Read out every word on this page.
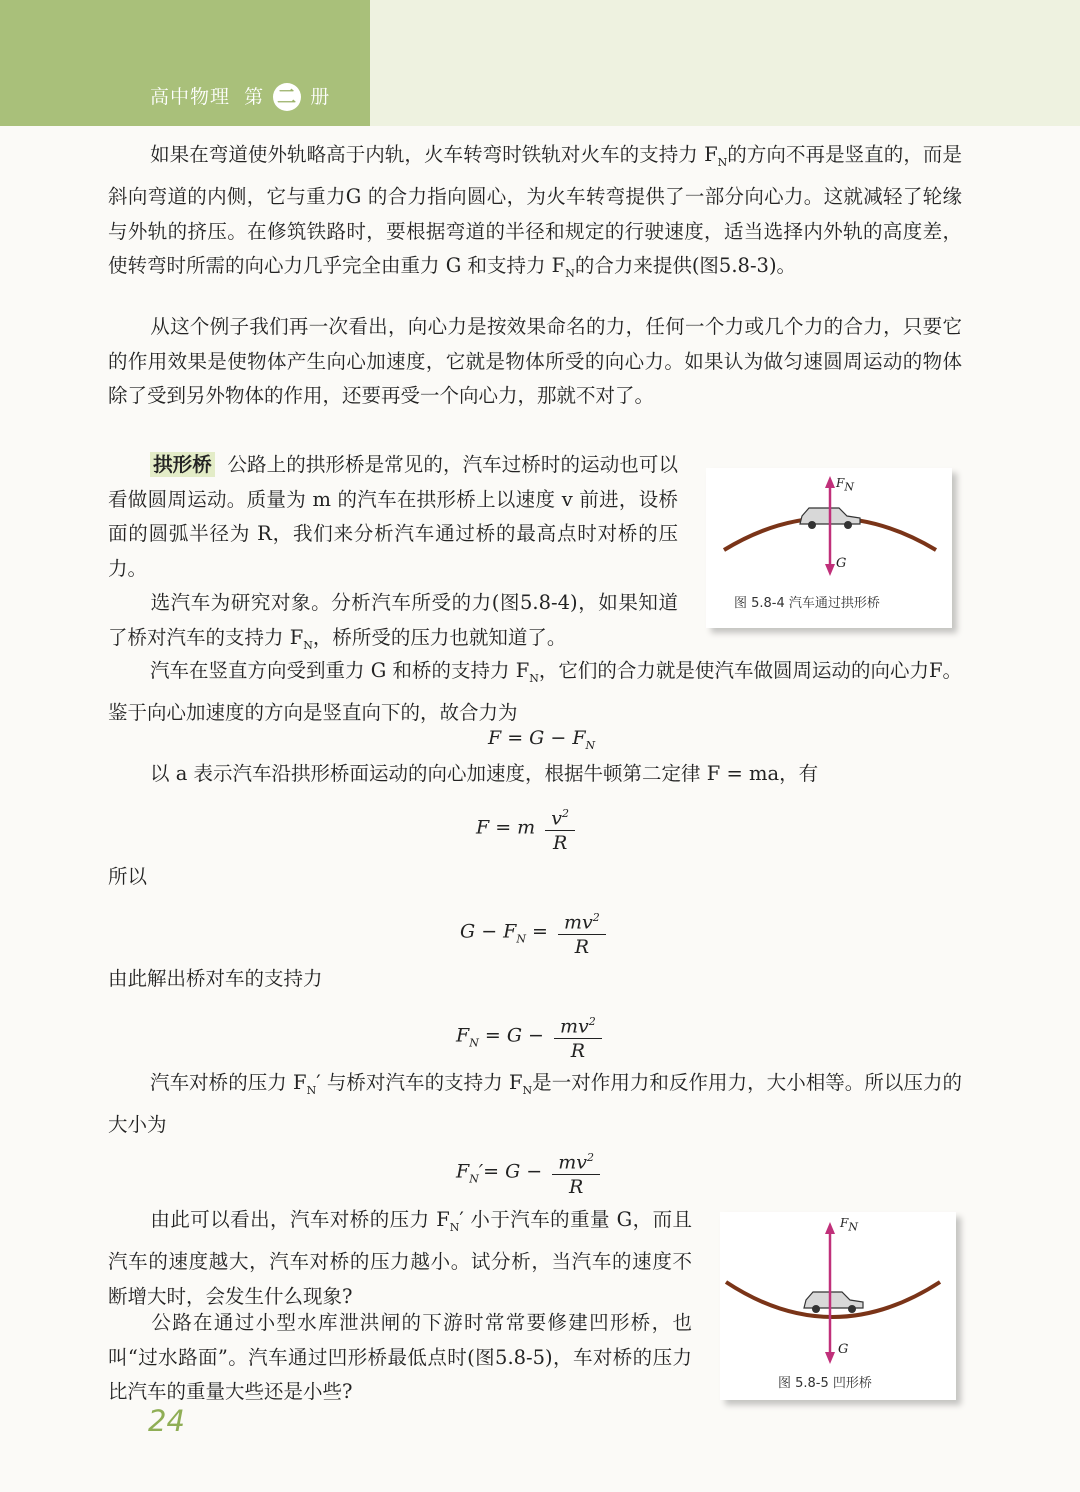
高中物理 第 二 册
如果在弯道使外轨略高于内轨，火车转弯时铁轨对火车的支持力 $F_N$的方向不再是竖直的，而是斜向弯道的内侧，它与重力G 的合力指向圆心，为火车转弯提供了一部分向心力。这就减轻了轮缘与外轨的挤压。在修筑铁路时，要根据弯道的半径和规定的行驶速度，适当选择内外轨的高度差，使转弯时所需的向心力几乎完全由重力 G 和支持力 $F_N$的合力来提供(图5.8-3)。
从这个例子我们再一次看出，向心力是按效果命名的力，任何一个力或几个力的合力，只要它的作用效果是使物体产生向心加速度，它就是物体所受的向心力。如果认为做匀速圆周运动的物体除了受到另外物体的作用，还要再受一个向心力，那就不对了。
拱形桥 公路上的拱形桥是常见的，汽车过桥时的运动也可以看做圆周运动。质量为 m 的汽车在拱形桥上以速度 v 前进，设桥面的圆弧半径为 R，我们来分析汽车通过桥的最高点时对桥的压力。
选汽车为研究对象。分析汽车所受的力(图5.8-4)，如果知道了桥对汽车的支持力 $F_N$，桥所受的压力也就知道了。
$F_N$
G
图 5.8-4 汽车通过拱形桥
汽车在竖直方向受到重力 G 和桥的支持力 $F_N$，它们的合力就是使汽车做圆周运动的向心力F。鉴于向心加速度的方向是竖直向下的，故合力为
$F = G - F_N$
以 a 表示汽车沿拱形桥面运动的向心加速度，根据牛顿第二定律 F = ma，有
F = m $\frac{v^2}{R}$
所以
$G - F_N = \frac{mv^2}{R}$
由此解出桥对车的支持力
$F_N = G - \frac{mv^2}{R}$
汽车对桥的压力 $F_N'$ 与桥对汽车的支持力 $F_N$是一对作用力和反作用力，大小相等。所以压力的大小为
$F_N'= G - \frac{mv^2}{R}$
由此可以看出，汽车对桥的压力 $F_N'$ 小于汽车的重量 G，而且汽车的速度越大，汽车对桥的压力越小。试分析，当汽车的速度不断增大时，会发生什么现象?
公路在通过小型水库泄洪闸的下游时常常要修建凹形桥，也叫“过水路面”。汽车通过凹形桥最低点时(图5.8-5)，车对桥的压力比汽车的重量大些还是小些?
$F_N$
G
图 5.8-5 凹形桥
24
